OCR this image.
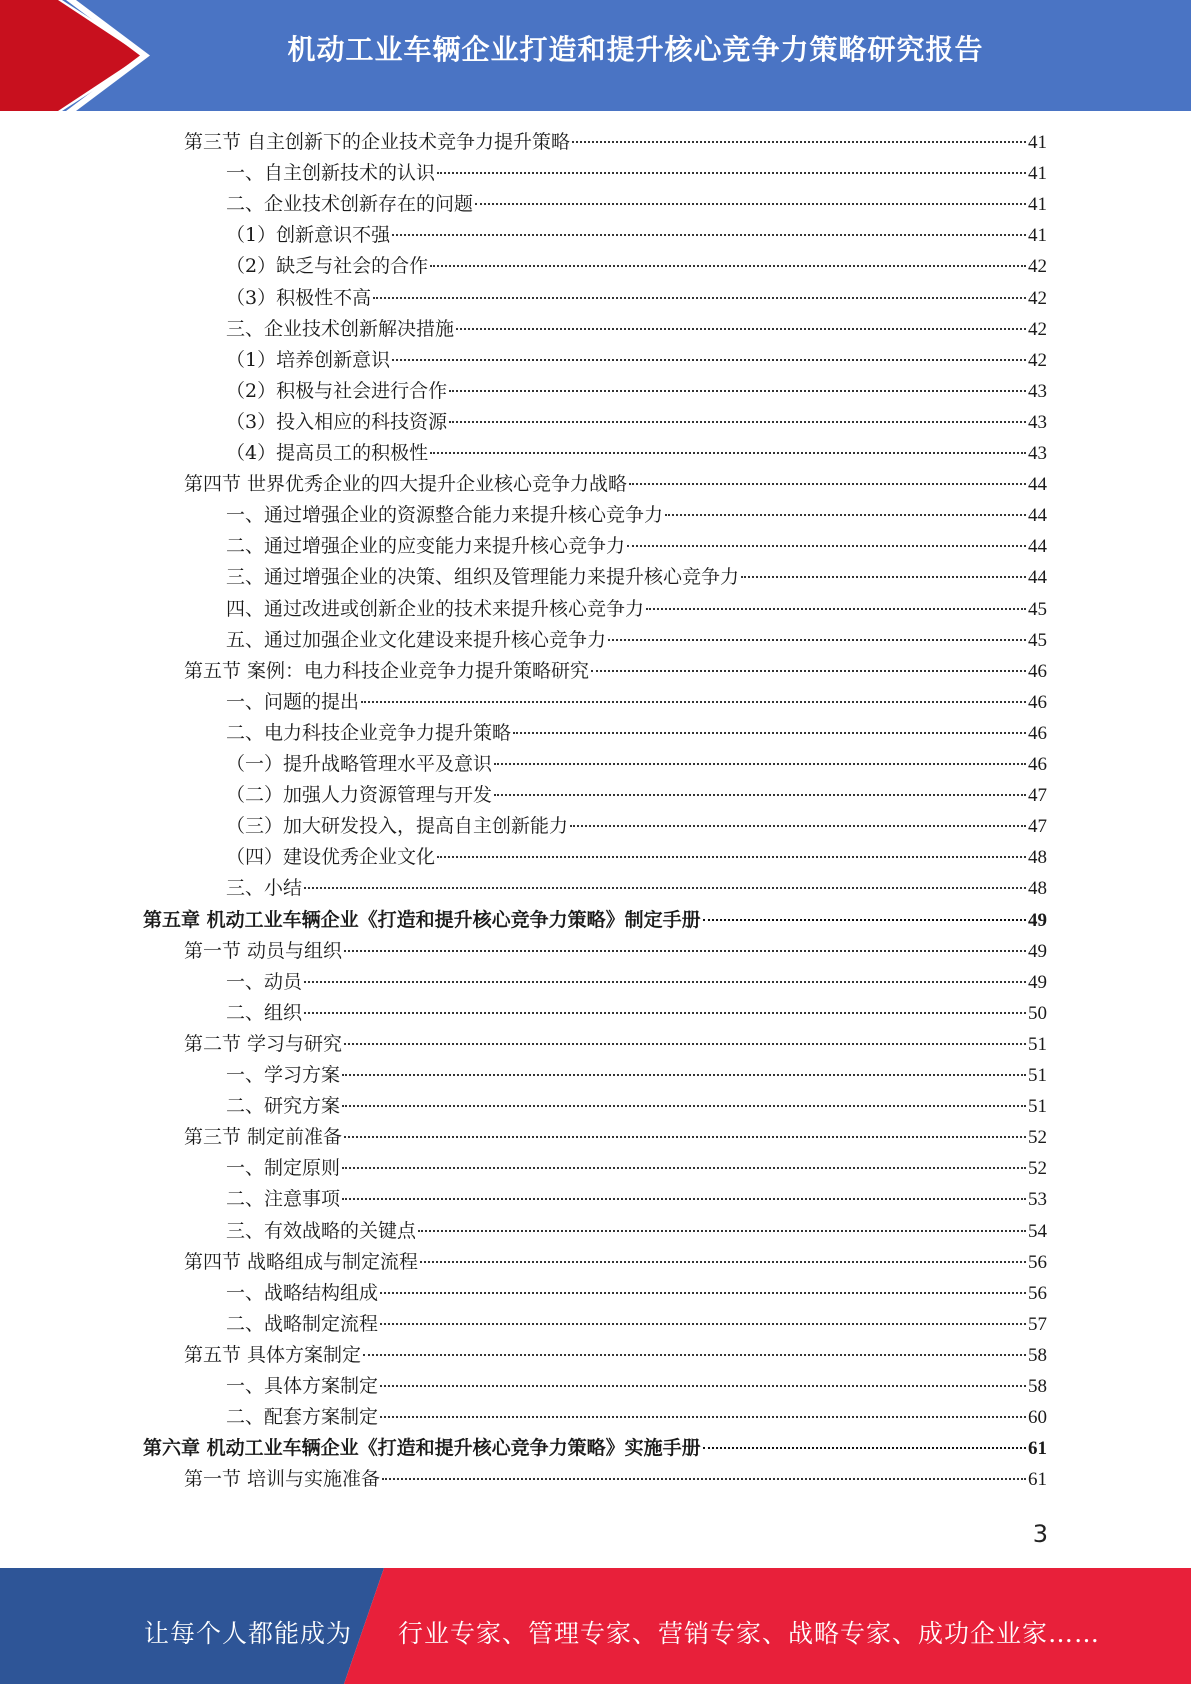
机动工业车辆企业打造和提升核心竞争力策略研究报告
第三节 自主创新下的企业技术竞争力提升策略	41
一、自主创新技术的认识	41
二、企业技术创新存在的问题	41
（1）创新意识不强	41
（2）缺乏与社会的合作	42
（3）积极性不高	42
三、企业技术创新解决措施	42
（1）培养创新意识	42
（2）积极与社会进行合作	43
（3）投入相应的科技资源	43
（4）提高员工的积极性	43
第四节 世界优秀企业的四大提升企业核心竞争力战略	44
一、通过增强企业的资源整合能力来提升核心竞争力	44
二、通过增强企业的应变能力来提升核心竞争力	44
三、通过增强企业的决策、组织及管理能力来提升核心竞争力	44
四、通过改进或创新企业的技术来提升核心竞争力	45
五、通过加强企业文化建设来提升核心竞争力	45
第五节 案例：电力科技企业竞争力提升策略研究	46
一、问题的提出	46
二、电力科技企业竞争力提升策略	46
（一）提升战略管理水平及意识	46
（二）加强人力资源管理与开发	47
（三）加大研发投入，提高自主创新能力	47
（四）建设优秀企业文化	48
三、小结	48
第五章 机动工业车辆企业《打造和提升核心竞争力策略》制定手册	49
第一节 动员与组织	49
一、动员	49
二、组织	50
第二节 学习与研究	51
一、学习方案	51
二、研究方案	51
第三节 制定前准备	52
一、制定原则	52
二、注意事项	53
三、有效战略的关键点	54
第四节 战略组成与制定流程	56
一、战略结构组成	56
二、战略制定流程	57
第五节 具体方案制定	58
一、具体方案制定	58
二、配套方案制定	60
第六章 机动工业车辆企业《打造和提升核心竞争力策略》实施手册	61
第一节 培训与实施准备	61
3
让每个人都能成为 行业专家、管理专家、营销专家、战略专家、成功企业家……
